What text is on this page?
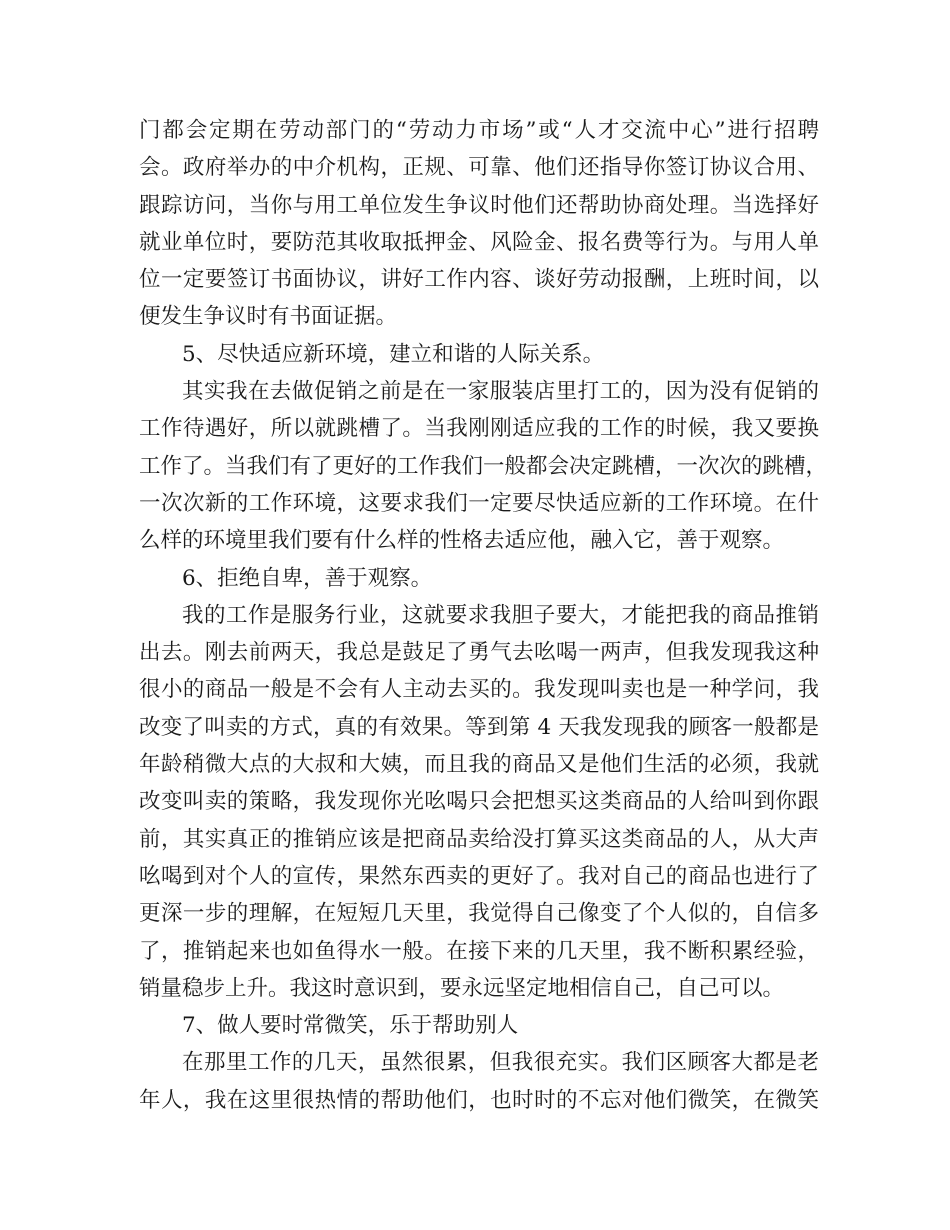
门都会定期在劳动部门的“劳动力市场”或“人才交流中心”进行招聘
会。政府举办的中介机构，正规、可靠、他们还指导你签订协议合用、
跟踪访问，当你与用工单位发生争议时他们还帮助协商处理。当选择好
就业单位时，要防范其收取抵押金、风险金、报名费等行为。与用人单
位一定要签订书面协议，讲好工作内容、谈好劳动报酬，上班时间，以
便发生争议时有书面证据。
5、尽快适应新环境，建立和谐的人际关系。
其实我在去做促销之前是在一家服装店里打工的，因为没有促销的
工作待遇好，所以就跳槽了。当我刚刚适应我的工作的时候，我又要换
工作了。当我们有了更好的工作我们一般都会决定跳槽，一次次的跳槽，
一次次新的工作环境，这要求我们一定要尽快适应新的工作环境。在什
么样的环境里我们要有什么样的性格去适应他，融入它，善于观察。
6、拒绝自卑，善于观察。
我的工作是服务行业，这就要求我胆子要大，才能把我的商品推销
出去。刚去前两天，我总是鼓足了勇气去吆喝一两声，但我发现我这种
很小的商品一般是不会有人主动去买的。我发现叫卖也是一种学问，我
改变了叫卖的方式，真的有效果。等到第 4 天我发现我的顾客一般都是
年龄稍微大点的大叔和大姨，而且我的商品又是他们生活的必须，我就
改变叫卖的策略，我发现你光吆喝只会把想买这类商品的人给叫到你跟
前，其实真正的推销应该是把商品卖给没打算买这类商品的人，从大声
吆喝到对个人的宣传，果然东西卖的更好了。我对自己的商品也进行了
更深一步的理解，在短短几天里，我觉得自己像变了个人似的，自信多
了，推销起来也如鱼得水一般。在接下来的几天里，我不断积累经验，
销量稳步上升。我这时意识到，要永远坚定地相信自己，自己可以。
7、做人要时常微笑，乐于帮助别人
在那里工作的几天，虽然很累，但我很充实。我们区顾客大都是老
年人，我在这里很热情的帮助他们，也时时的不忘对他们微笑，在微笑
